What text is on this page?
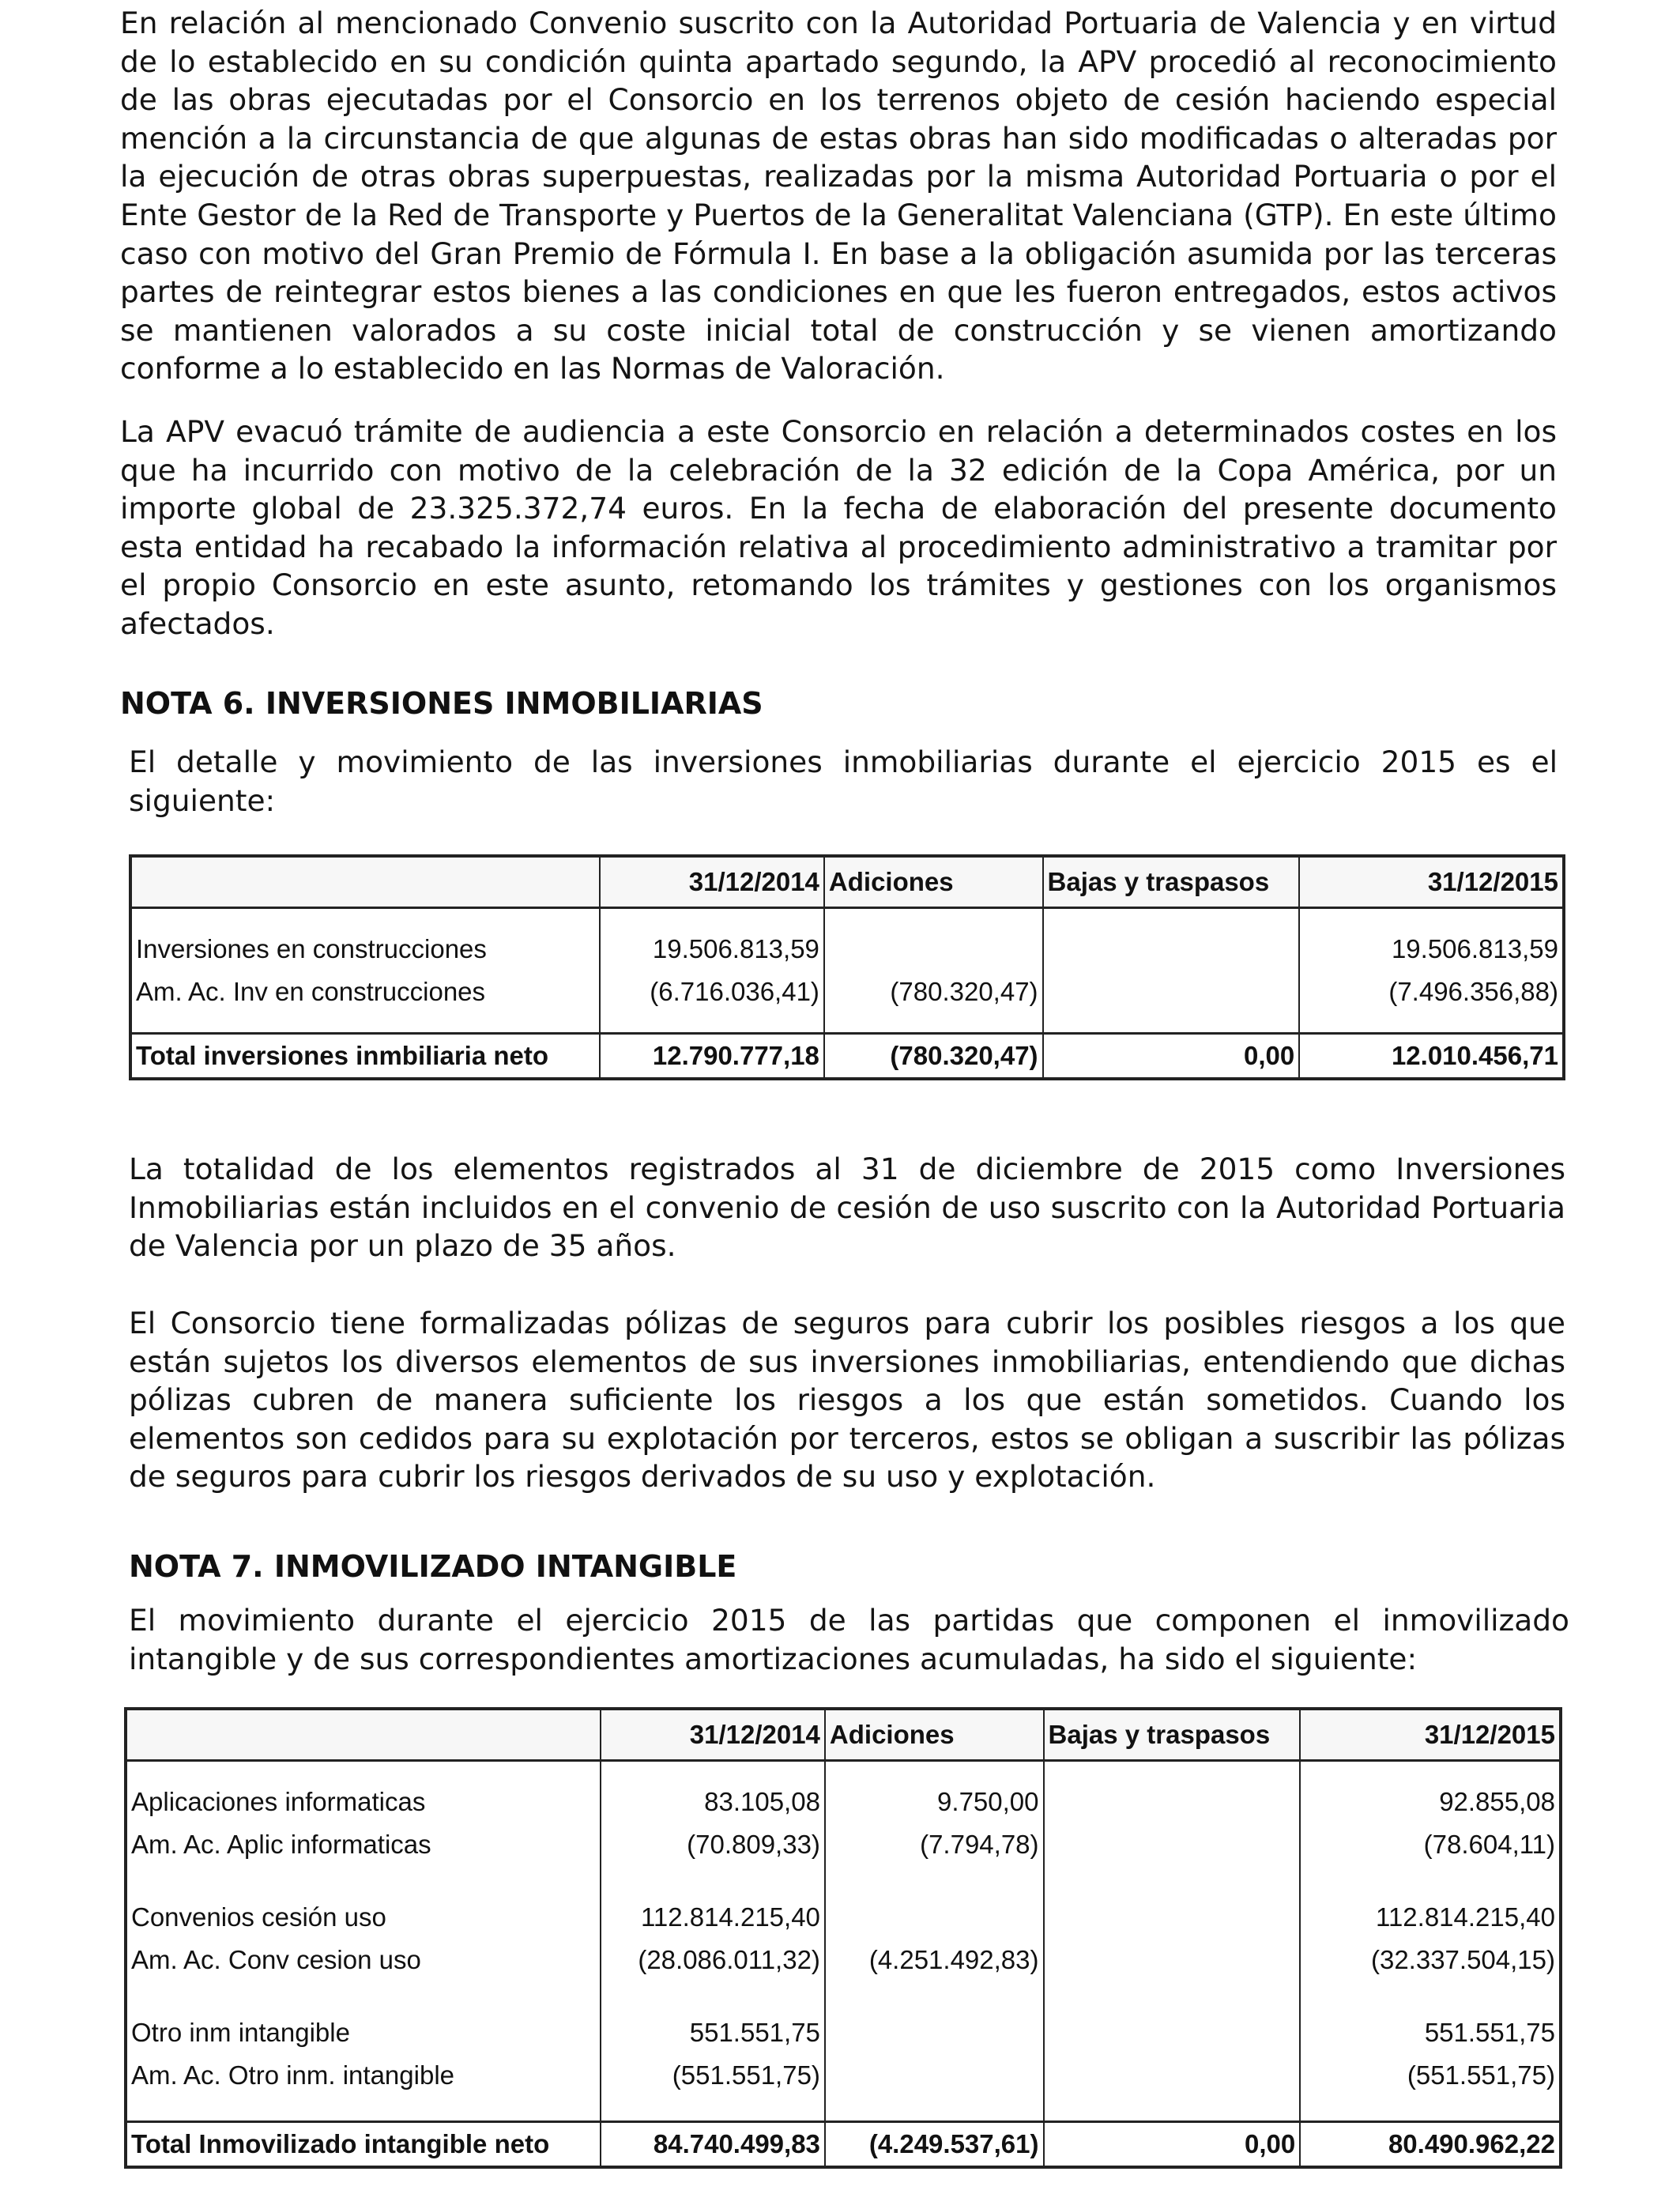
En relación al mencionado Convenio suscrito con la Autoridad Portuaria de Valencia y en virtud de lo establecido en su condición quinta apartado segundo, la APV procedió al reconocimiento de las obras ejecutadas por el Consorcio en los terrenos objeto de cesión haciendo especial mención a la circunstancia de que algunas de estas obras han sido modificadas o alteradas por la ejecución de otras obras superpuestas, realizadas por la misma Autoridad Portuaria o por el Ente Gestor de la Red de Transporte y Puertos de la Generalitat Valenciana (GTP). En este último caso con motivo del Gran Premio de Fórmula I. En base a la obligación asumida por las terceras partes de reintegrar estos bienes a las condiciones en que les fueron entregados, estos activos se mantienen valorados a su coste inicial total de construcción y se vienen amortizando conforme a lo establecido en las Normas de Valoración.

La APV evacuó trámite de audiencia a este Consorcio en relación a determinados costes en los que ha incurrido con motivo de la celebración de la 32 edición de la Copa América, por un importe global de 23.325.372,74 euros. En la fecha de elaboración del presente documento esta entidad ha recabado la información relativa al procedimiento administrativo a tramitar por el propio Consorcio en este asunto, retomando los trámites y gestiones con los organismos afectados.

NOTA 6. INVERSIONES INMOBILIARIAS

El detalle y movimiento de las inversiones inmobiliarias durante el ejercicio 2015 es el siguiente:

	31/12/2014	Adiciones	Bajas y traspasos	31/12/2015

Inversiones en construcciones	19.506.813,59			19.506.813,59
Am. Ac. Inv en construcciones	(6.716.036,41)	(780.320,47)		(7.496.356,88)

Total inversiones inmbiliaria neto	12.790.777,18	(780.320,47)	0,00	12.010.456,71

La totalidad de los elementos registrados al 31 de diciembre de 2015 como Inversiones Inmobiliarias están incluidos en el convenio de cesión de uso suscrito con la Autoridad Portuaria de Valencia por un plazo de 35 años.

El Consorcio tiene formalizadas pólizas de seguros para cubrir los posibles riesgos a los que están sujetos los diversos elementos de sus inversiones inmobiliarias, entendiendo que dichas pólizas cubren de manera suficiente los riesgos a los que están sometidos. Cuando los elementos son cedidos para su explotación por terceros, estos se obligan a suscribir las pólizas de seguros para cubrir los riesgos derivados de su uso y explotación.

NOTA 7. INMOVILIZADO INTANGIBLE

El movimiento durante el ejercicio 2015 de las partidas que componen el inmovilizado intangible y de sus correspondientes amortizaciones acumuladas, ha sido el siguiente:

	31/12/2014	Adiciones	Bajas y traspasos	31/12/2015

Aplicaciones informaticas	83.105,08	9.750,00		92.855,08
Am. Ac. Aplic informaticas	(70.809,33)	(7.794,78)		(78.604,11)

Convenios cesión uso	112.814.215,40			112.814.215,40
Am. Ac. Conv cesion uso	(28.086.011,32)	(4.251.492,83)		(32.337.504,15)

Otro inm intangible	551.551,75			551.551,75
Am. Ac. Otro inm. intangible	(551.551,75)			(551.551,75)

Total Inmovilizado intangible neto	84.740.499,83	(4.249.537,61)	0,00	80.490.962,22
